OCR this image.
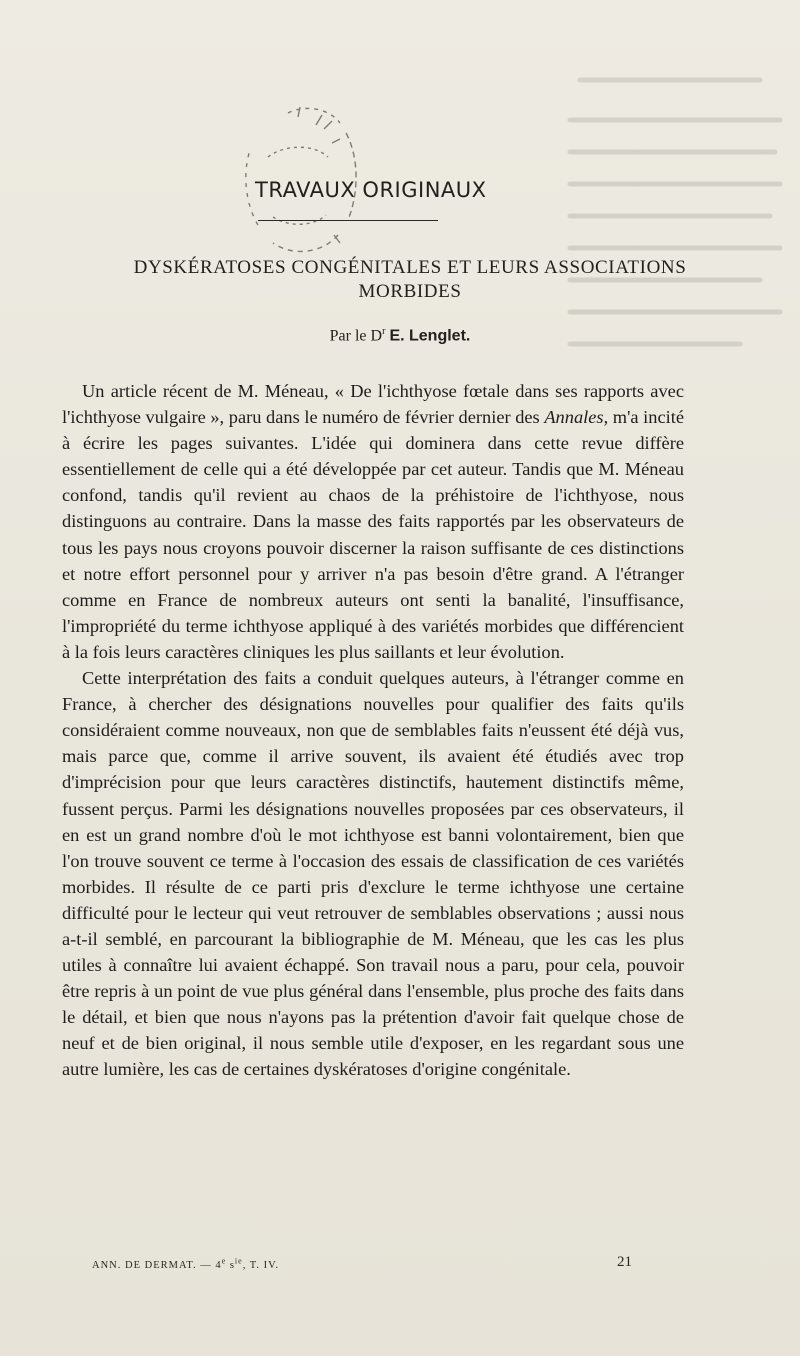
TRAVAUX ORIGINAUX
DYSKÉRATOSES CONGÉNITALES ET LEURS ASSOCIATIONS
MORBIDES
Par le $D^r$ E. Lenglet.

Un article récent de M. Méneau, « De l'ichthyose fœtale dans ses rapports avec l'ichthyose vulgaire », paru dans le numéro de février dernier des Annales, m'a incité à écrire les pages suivantes. L'idée qui dominera dans cette revue diffère essentiellement de celle qui a été développée par cet auteur. Tandis que M. Méneau confond, tandis qu'il revient au chaos de la préhistoire de l'ichthyose, nous distinguons au contraire. Dans la masse des faits rapportés par les observateurs de tous les pays nous croyons pouvoir discerner la raison suffisante de ces distinctions et notre effort personnel pour y arriver n'a pas besoin d'être grand. A l'étranger comme en France de nombreux auteurs ont senti la banalité, l'insuffisance, l'impropriété du terme ichthyose appliqué à des variétés morbides que différencient à la fois leurs caractères cliniques les plus saillants et leur évolution.

Cette interprétation des faits a conduit quelques auteurs, à l'étranger comme en France, à chercher des désignations nouvelles pour qualifier des faits qu'ils considéraient comme nouveaux, non que de semblables faits n'eussent été déjà vus, mais parce que, comme il arrive souvent, ils avaient été étudiés avec trop d'imprécision pour que leurs caractères distinctifs, hautement distinctifs même, fussent perçus. Parmi les désignations nouvelles proposées par ces observateurs, il en est un grand nombre d'où le mot ichthyose est banni volontairement, bien que l'on trouve souvent ce terme à l'occasion des essais de classification de ces variétés morbides. Il résulte de ce parti pris d'exclure le terme ichthyose une certaine difficulté pour le lecteur qui veut retrouver de semblables observations ; aussi nous a-t-il semblé, en parcourant la bibliographie de M. Méneau, que les cas les plus utiles à connaître lui avaient échappé. Son travail nous a paru, pour cela, pouvoir être repris à un point de vue plus général dans l'ensemble, plus proche des faits dans le détail, et bien que nous n'ayons pas la prétention d'avoir fait quelque chose de neuf et de bien original, il nous semble utile d'exposer, en les regardant sous une autre lumière, les cas de certaines dyskératoses d'origine congénitale.

ANN. DE DERMAT. — 4e $s^{ie}$, T. IV.	21
